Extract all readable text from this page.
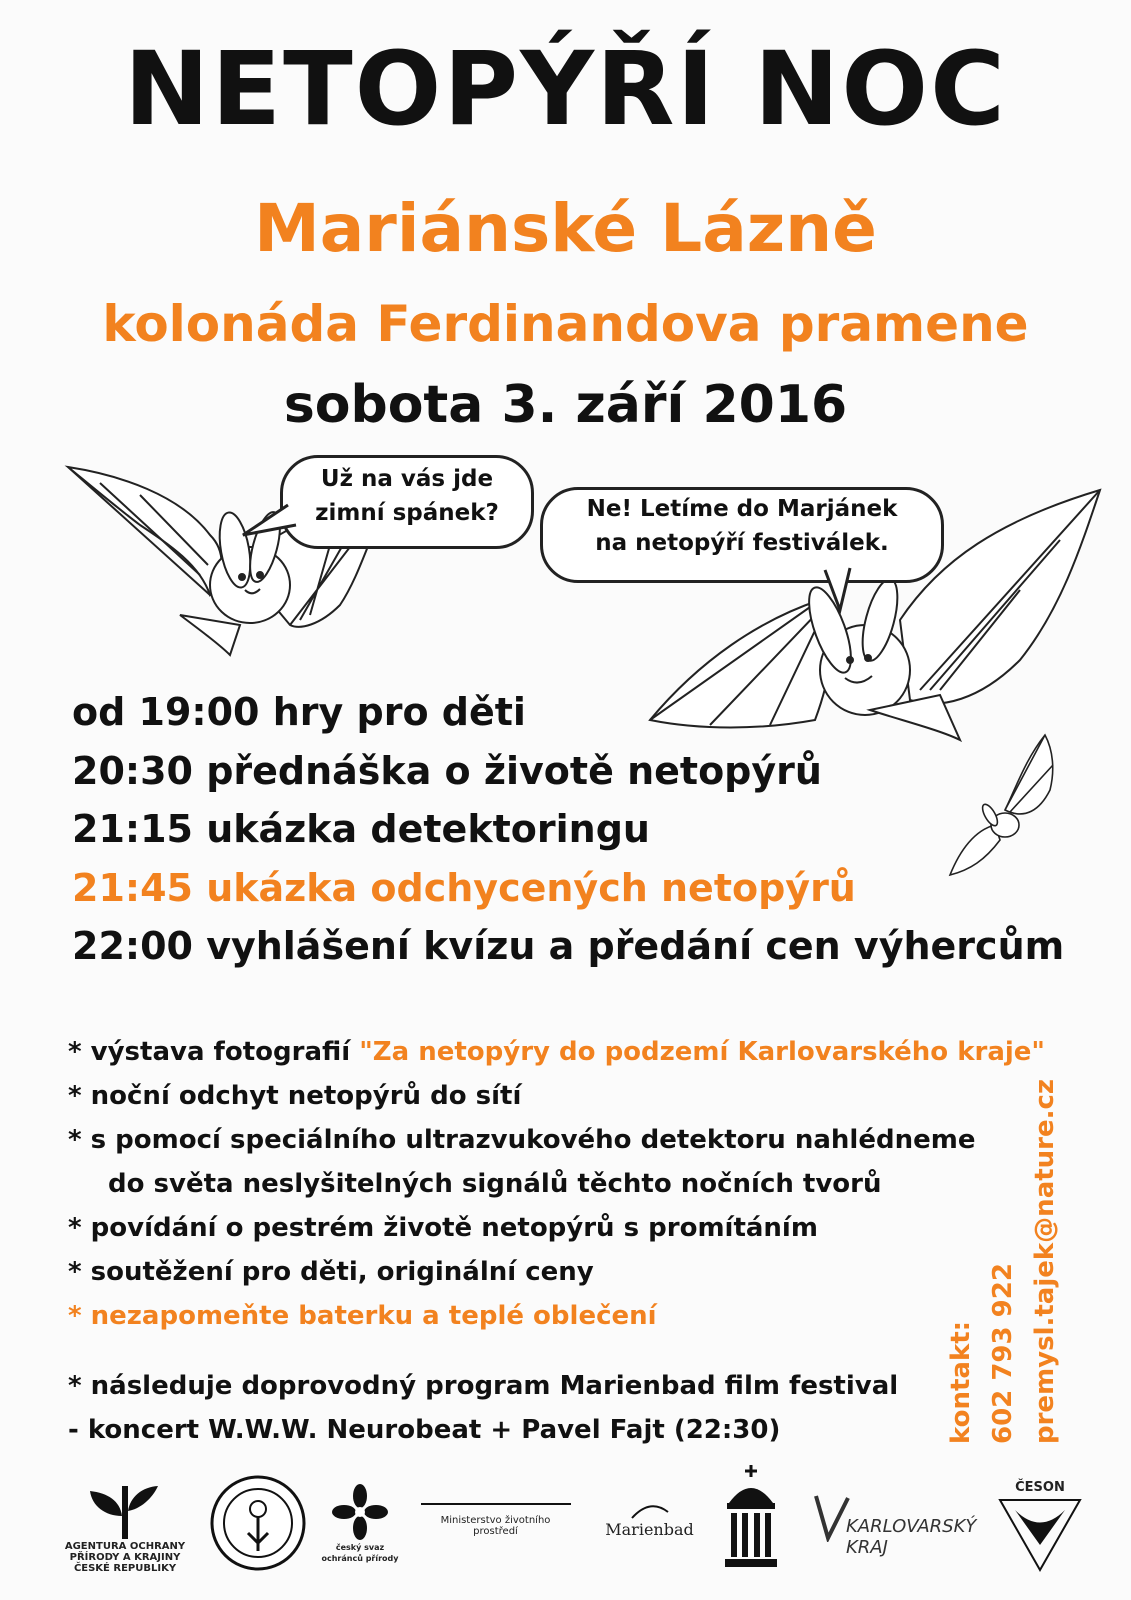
NETOPÝŘÍ NOC
Mariánské Lázně
kolonáda Ferdinandova pramene
sobota 3. září 2016
Už na vás jde
zimní spánek?	Ne! Letíme do Marjánek
na netopýří festiválek.
od 19:00 hry pro děti
20:30 přednáška o životě netopýrů
21:15 ukázka detektoringu
21:45 ukázka odchycených netopýrů
22:00 vyhlášení kvízu a předání cen výhercům
* výstava fotografií "Za netopýry do podzemí Karlovarského kraje"
* noční odchyt netopýrů do sítí
* s pomocí speciálního ultrazvukového detektoru nahlédneme
do světa neslyšitelných signálů těchto nočních tvorů
* povídání o pestrém životě netopýrů s promítáním
* soutěžení pro děti, originální ceny
* nezapomeňte baterku a teplé oblečení
* následuje doprovodný program Marienbad film festival
- koncert W.W.W. Neurobeat + Pavel Fajt (22:30)	kontakt: 602 793 922 premysl.tajek@nature.cz
AGENTURA OCHRANY
PŘÍRODY A KRAJINY
ČESKÉ REPUBLIKY
český svaz ochránců přírody
Ministerstvo životního prostředí	Marienbad	KARLOVARSKÝ
KRAJ
ČESON
